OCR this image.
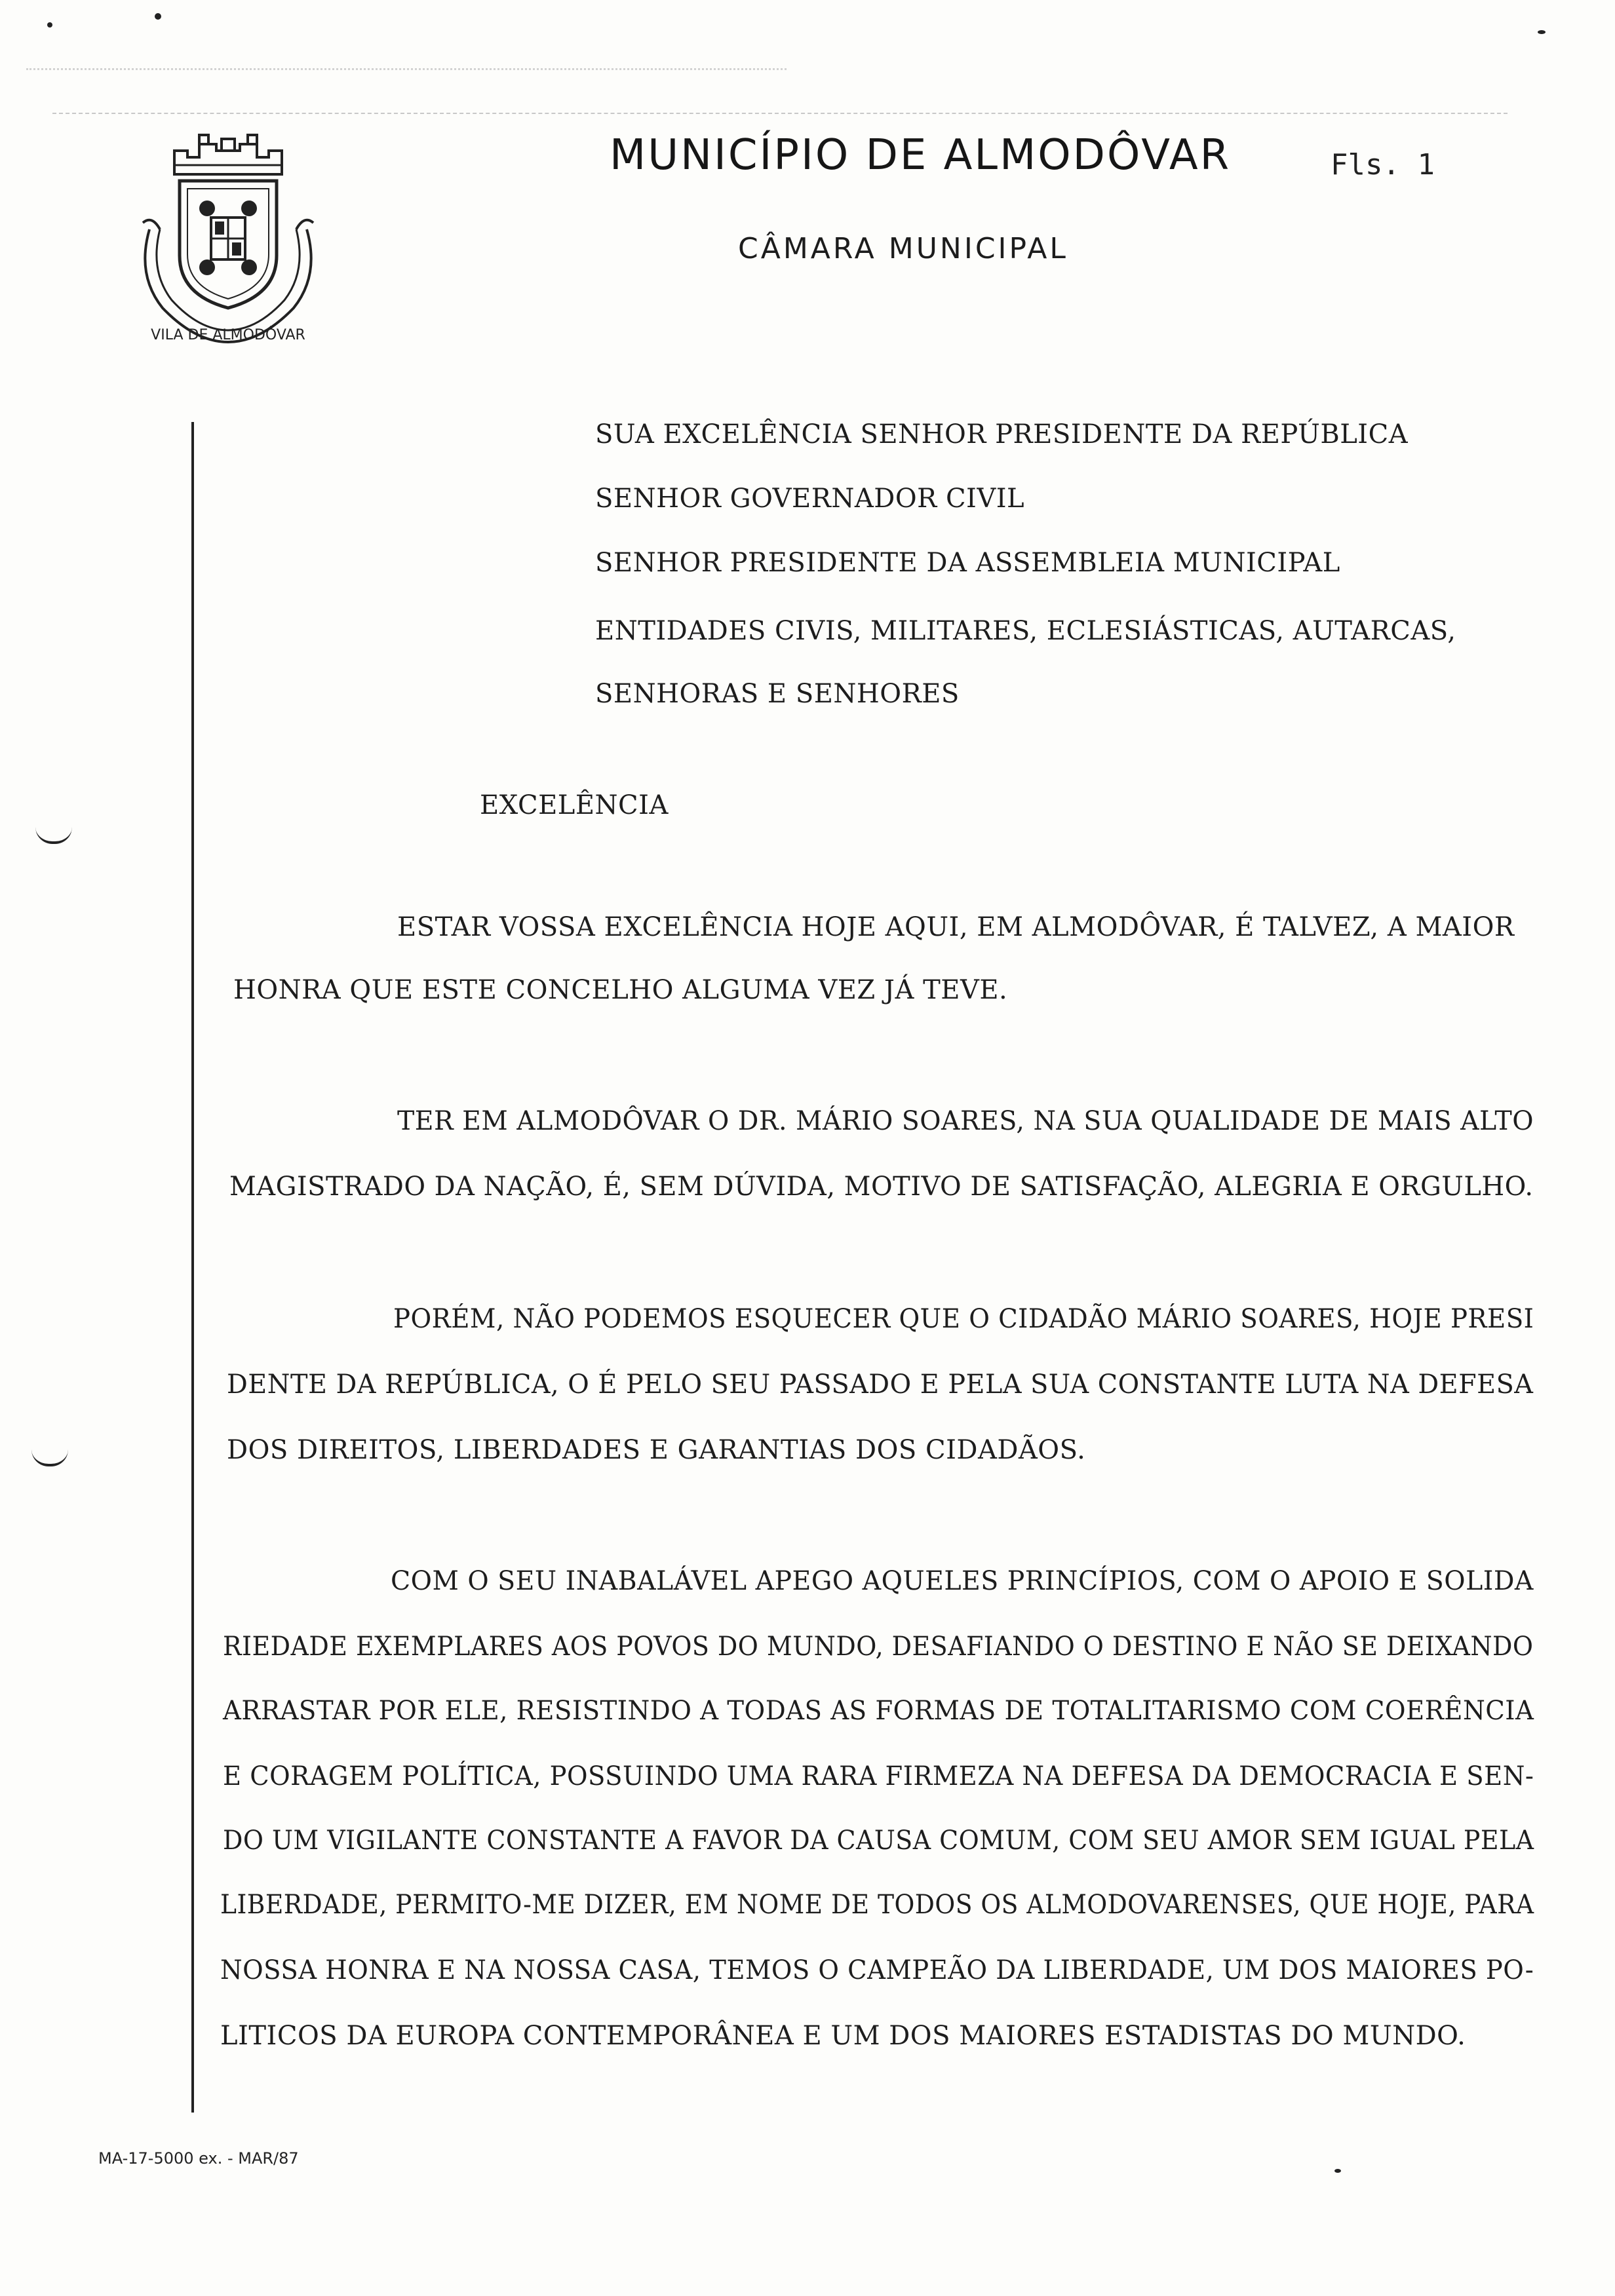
VILA DE ALMODÔVAR
MUNICÍPIO DE ALMODÔVAR	Fls. 1
CÂMARA MUNICIPAL
SUA EXCELÊNCIA SENHOR PRESIDENTE DA REPÚBLICA
SENHOR GOVERNADOR CIVIL
SENHOR PRESIDENTE DA ASSEMBLEIA MUNICIPAL
ENTIDADES CIVIS, MILITARES, ECLESIÁSTICAS, AUTARCAS,
SENHORAS E SENHORES
EXCELÊNCIA
ESTAR VOSSA EXCELÊNCIA HOJE AQUI, EM ALMODÔVAR, É TALVEZ, A MAIOR
HONRA QUE ESTE CONCELHO ALGUMA VEZ JÁ TEVE.
TER EM ALMODÔVAR O DR. MÁRIO SOARES, NA SUA QUALIDADE DE MAIS ALTO
MAGISTRADO DA NAÇÃO, É, SEM DÚVIDA, MOTIVO DE SATISFAÇÃO, ALEGRIA E ORGULHO.
PORÉM, NÃO PODEMOS ESQUECER QUE O CIDADÃO MÁRIO SOARES, HOJE PRESI
DENTE DA REPÚBLICA, O É PELO SEU PASSADO E PELA SUA CONSTANTE LUTA NA DEFESA
DOS DIREITOS, LIBERDADES E GARANTIAS DOS CIDADÃOS.
COM O SEU INABALÁVEL APEGO AQUELES PRINCÍPIOS, COM O APOIO E SOLIDA
RIEDADE EXEMPLARES AOS POVOS DO MUNDO, DESAFIANDO O DESTINO E NÃO SE DEIXANDO
ARRASTAR POR ELE, RESISTINDO A TODAS AS FORMAS DE TOTALITARISMO COM COERÊNCIA
E CORAGEM POLÍTICA, POSSUINDO UMA RARA FIRMEZA NA DEFESA DA DEMOCRACIA E SEN-
DO UM VIGILANTE CONSTANTE A FAVOR DA CAUSA COMUM, COM SEU AMOR SEM IGUAL PELA
LIBERDADE, PERMITO-ME DIZER, EM NOME DE TODOS OS ALMODOVARENSES, QUE HOJE, PARA
NOSSA HONRA E NA NOSSA CASA, TEMOS O CAMPEÃO DA LIBERDADE, UM DOS MAIORES PO-
LITICOS DA EUROPA CONTEMPORÂNEA E UM DOS MAIORES ESTADISTAS DO MUNDO.
MA-17-5000 ex. - MAR/87
